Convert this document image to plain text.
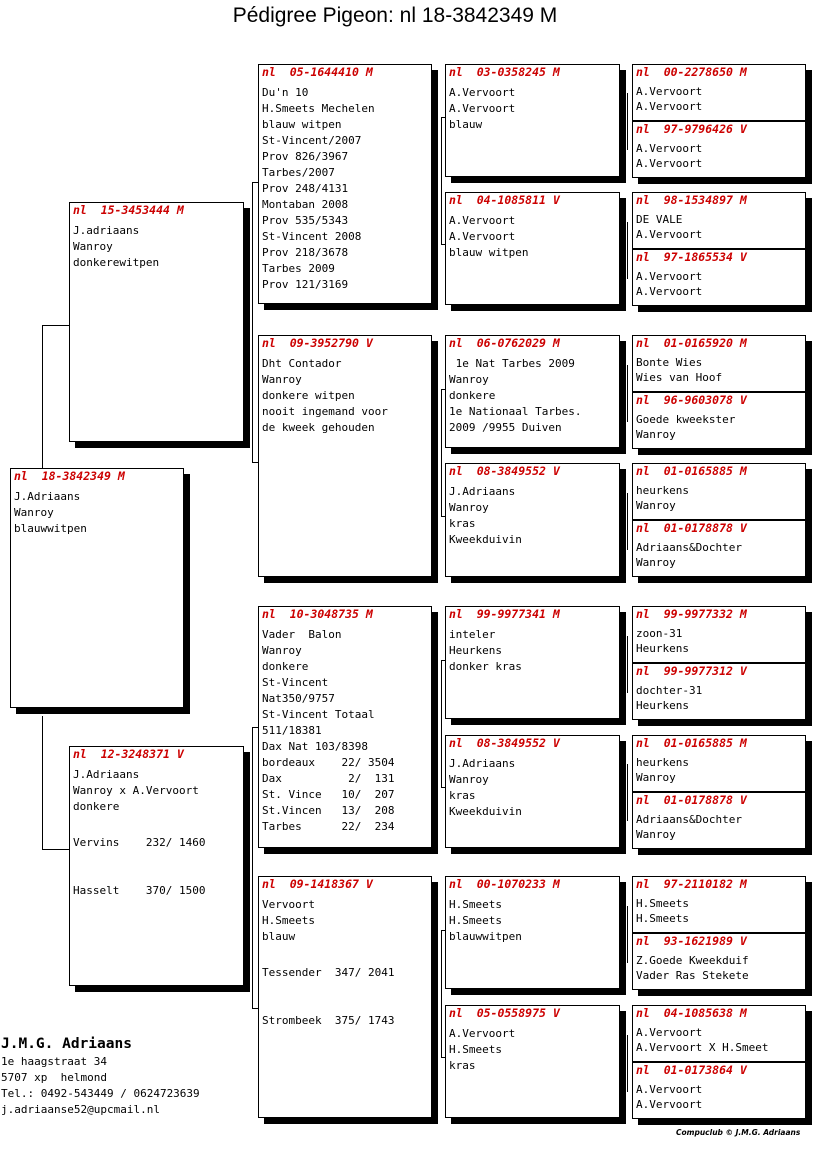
Pédigree Pigeon: nl 18-3842349 M
nl  18-3842349 M
J.Adriaans
Wanroy
blauwwitpen
nl  15-3453444 M
J.adriaans
Wanroy
donkerewitpen
nl  12-3248371 V
J.Adriaans
Wanroy x A.Vervoort
donkere

Vervins    232/ 1460

Hasselt    370/ 1500

nl  05-1644410 M
Du'n 10
H.Smeets Mechelen
blauw witpen
St-Vincent/2007
Prov 826/3967
Tarbes/2007
Prov 248/4131
Montaban 2008
Prov 535/5343
St-Vincent 2008
Prov 218/3678
Tarbes 2009
Prov 121/3169
nl  09-3952790 V
Dht Contador
Wanroy
donkere witpen
nooit ingemand voor
de kweek gehouden
nl  10-3048735 M
Vader  Balon
Wanroy
donkere
St-Vincent
Nat350/9757
St-Vincent Totaal
511/18381
Dax Nat 103/8398
bordeaux    22/ 3504
Dax          2/  131
St. Vince   10/  207
St.Vincen   13/  208
Tarbes      22/  234
nl  09-1418367 V
Vervoort
H.Smeets
blauw

Tessender  347/ 2041

Strombeek  375/ 1743

nl  03-0358245 M
A.Vervoort
A.Vervoort
blauw
nl  04-1085811 V
A.Vervoort
A.Vervoort
blauw witpen
nl  06-0762029 M
1e Nat Tarbes 2009
Wanroy
donkere
1e Nationaal Tarbes.
2009 /9955 Duiven
nl  08-3849552 V
J.Adriaans
Wanroy
kras
Kweekduivin
nl  99-9977341 M
inteler
Heurkens
donker kras
nl  08-3849552 V
J.Adriaans
Wanroy
kras
Kweekduivin
nl  00-1070233 M
H.Smeets
H.Smeets
blauwwitpen
nl  05-0558975 V
A.Vervoort
H.Smeets
kras
nl  00-2278650 M
A.Vervoort
A.Vervoort
nl  97-9796426 V
A.Vervoort
A.Vervoort
nl  98-1534897 M
DE VALE
A.Vervoort
nl  97-1865534 V
A.Vervoort
A.Vervoort
nl  01-0165920 M
Bonte Wies
Wies van Hoof
nl  96-9603078 V
Goede kweekster
Wanroy
nl  01-0165885 M
heurkens
Wanroy
nl  01-0178878 V
Adriaans&Dochter
Wanroy
nl  99-9977332 M
zoon-31
Heurkens
nl  99-9977312 V
dochter-31
Heurkens
nl  01-0165885 M
heurkens
Wanroy
nl  01-0178878 V
Adriaans&Dochter
Wanroy
nl  97-2110182 M
H.Smeets
H.Smeets
nl  93-1621989 V
Z.Goede Kweekduif
Vader Ras Stekete
nl  04-1085638 M
A.Vervoort
A.Vervoort X H.Smeet
nl  01-0173864 V
A.Vervoort
A.Vervoort
J.M.G. Adriaans
1e haagstraat 34
5707 xp  helmond
Tel.: 0492-543449 / 0624723639
j.adriaanse52@upcmail.nl
Compuclub © J.M.G. Adriaans
